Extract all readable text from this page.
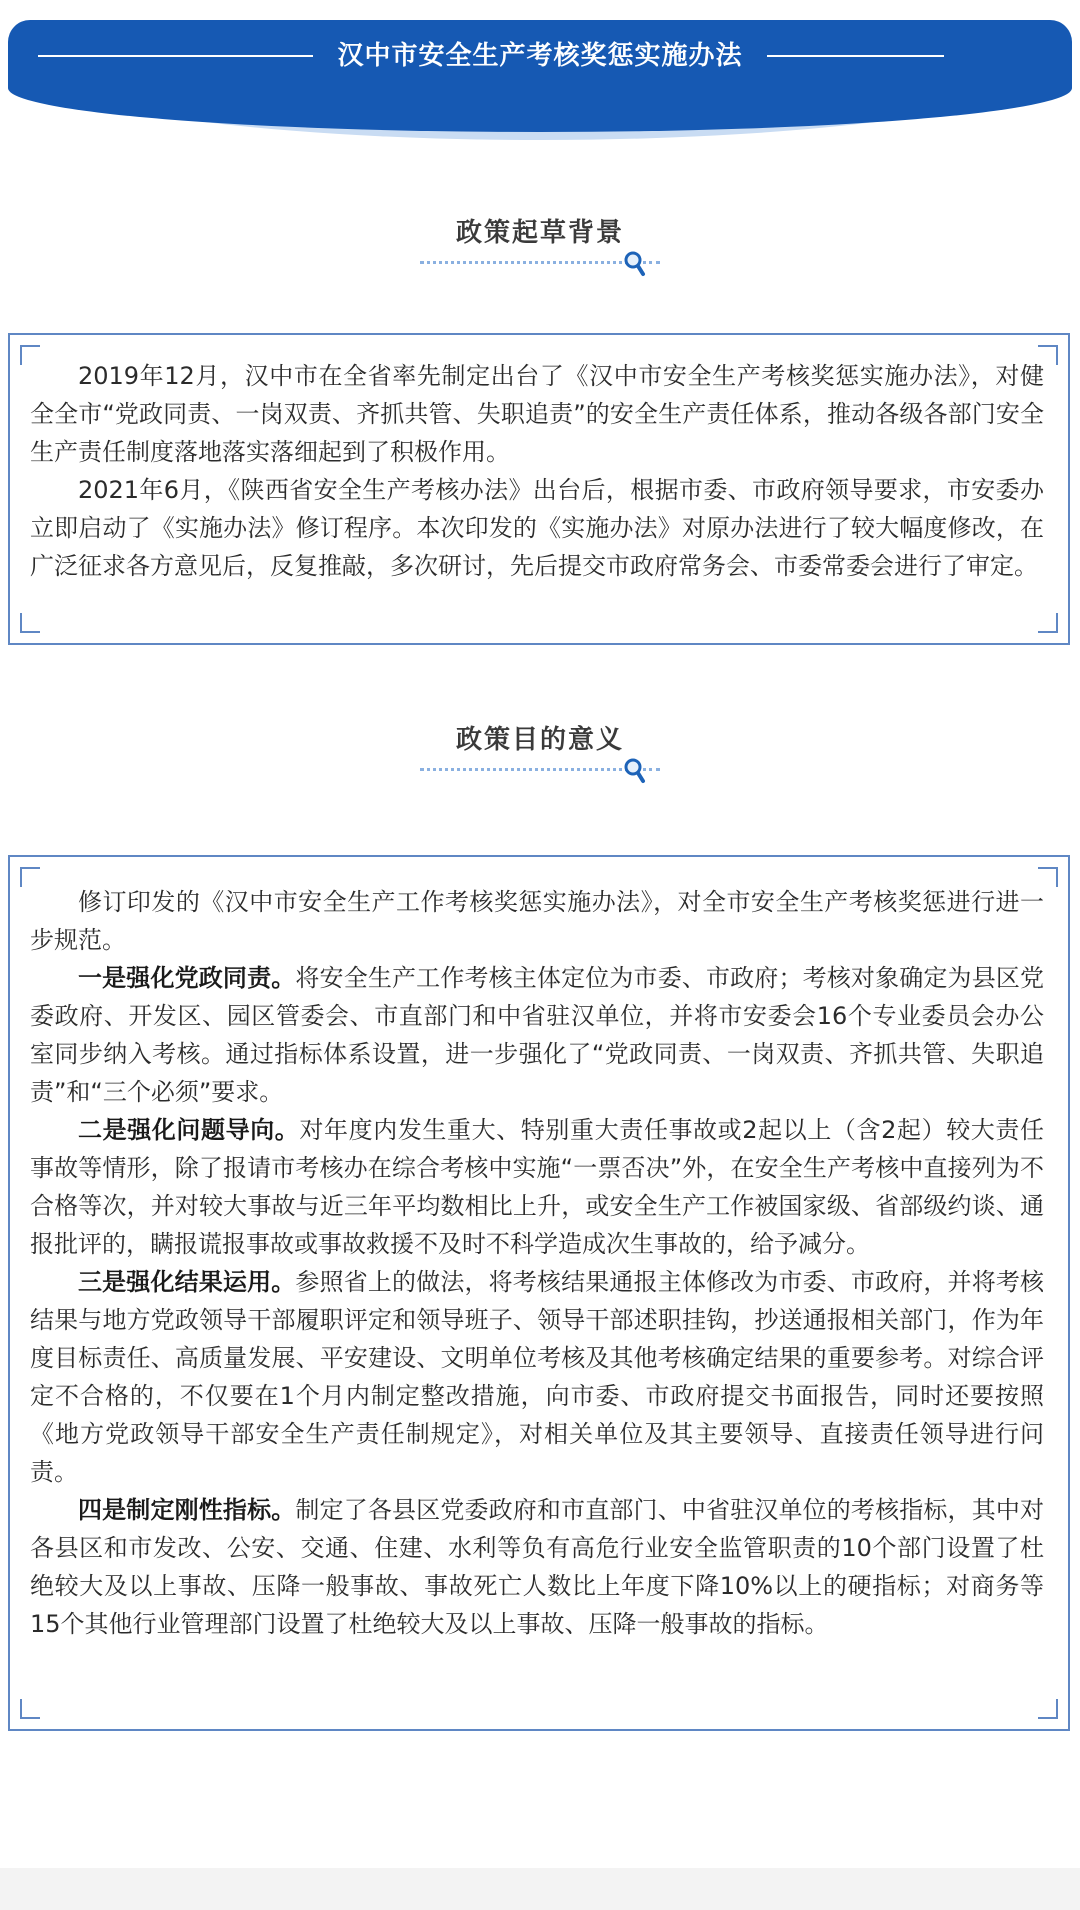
汉中市安全生产考核奖惩实施办法
政策起草背景

2019年12月，汉中市在全省率先制定出台了《汉中市安全生产考核奖惩实施办法》，对健全全市“党政同责、一岗双责、齐抓共管、失职追责”的安全生产责任体系，推动各级各部门安全生产责任制度落地落实落细起到了积极作用。

2021年6月，《陕西省安全生产考核办法》出台后，根据市委、市政府领导要求，市安委办立即启动了《实施办法》修订程序。本次印发的《实施办法》对原办法进行了较大幅度修改，在广泛征求各方意见后，反复推敲，多次研讨，先后提交市政府常务会、市委常委会进行了审定。

政策目的意义

修订印发的《汉中市安全生产工作考核奖惩实施办法》，对全市安全生产考核奖惩进行进一步规范。

一是强化党政同责。将安全生产工作考核主体定位为市委、市政府；考核对象确定为县区党委政府、开发区、园区管委会、市直部门和中省驻汉单位，并将市安委会16个专业委员会办公室同步纳入考核。通过指标体系设置，进一步强化了“党政同责、一岗双责、齐抓共管、失职追责”和“三个必须”要求。

二是强化问题导向。对年度内发生重大、特别重大责任事故或2起以上（含2起）较大责任事故等情形，除了报请市考核办在综合考核中实施“一票否决”外，在安全生产考核中直接列为不合格等次，并对较大事故与近三年平均数相比上升，或安全生产工作被国家级、省部级约谈、通报批评的，瞒报谎报事故或事故救援不及时不科学造成次生事故的，给予减分。

三是强化结果运用。参照省上的做法，将考核结果通报主体修改为市委、市政府，并将考核结果与地方党政领导干部履职评定和领导班子、领导干部述职挂钩，抄送通报相关部门，作为年度目标责任、高质量发展、平安建设、文明单位考核及其他考核确定结果的重要参考。对综合评定不合格的，不仅要在1个月内制定整改措施，向市委、市政府提交书面报告，同时还要按照《地方党政领导干部安全生产责任制规定》，对相关单位及其主要领导、直接责任领导进行问责。

四是制定刚性指标。制定了各县区党委政府和市直部门、中省驻汉单位的考核指标，其中对各县区和市发改、公安、交通、住建、水利等负有高危行业安全监管职责的10个部门设置了杜绝较大及以上事故、压降一般事故、事故死亡人数比上年度下降10%以上的硬指标；对商务等15个其他行业管理部门设置了杜绝较大及以上事故、压降一般事故的指标。
